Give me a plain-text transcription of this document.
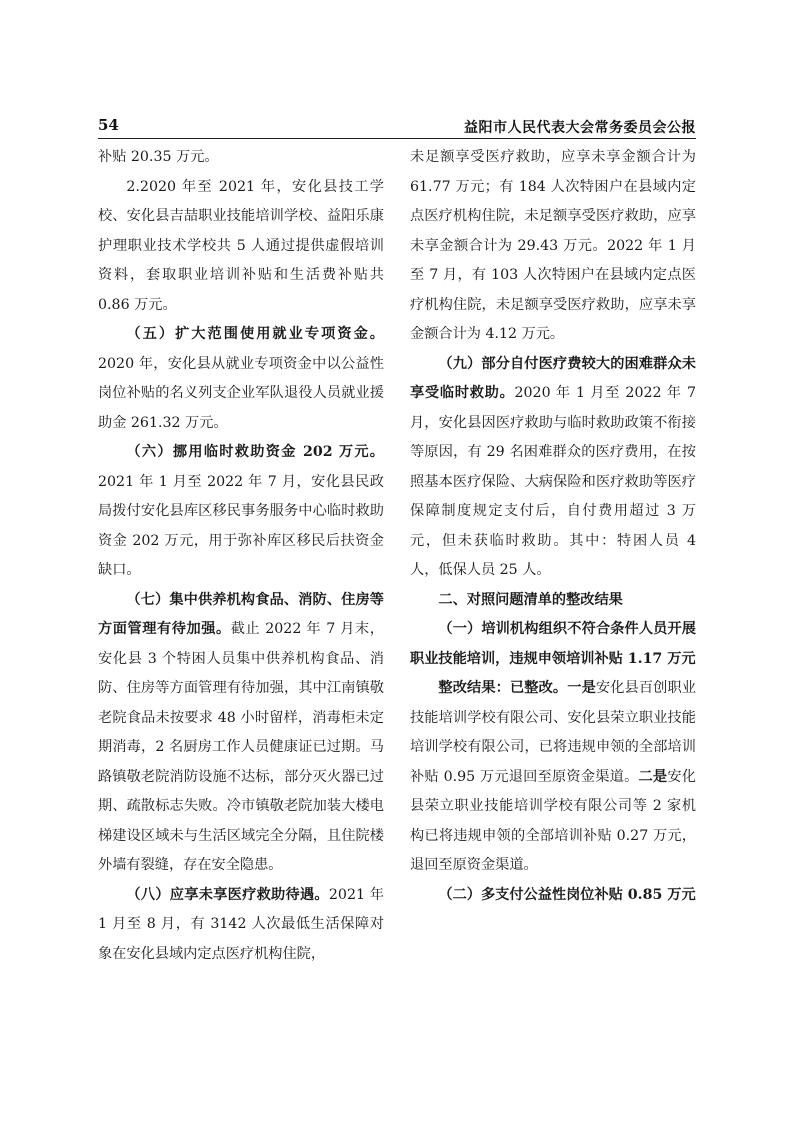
54	益阳市人民代表大会常务委员会公报

补贴 20.35 万元。

2.2020 年至 2021 年，安化县技工学校、安化县吉喆职业技能培训学校、益阳乐康护理职业技术学校共 5 人通过提供虚假培训资料，套取职业培训补贴和生活费补贴共 0.86 万元。

（五）扩大范围使用就业专项资金。2020 年，安化县从就业专项资金中以公益性岗位补贴的名义列支企业军队退役人员就业援助金 261.32 万元。

（六）挪用临时救助资金 202 万元。2021 年 1 月至 2022 年 7 月，安化县民政局拨付安化县库区移民事务服务中心临时救助资金 202 万元，用于弥补库区移民后扶资金缺口。

（七）集中供养机构食品、消防、住房等方面管理有待加强。截止 2022 年 7 月末，安化县 3 个特困人员集中供养机构食品、消防、住房等方面管理有待加强，其中江南镇敬老院食品未按要求 48 小时留样，消毒柜未定期消毒，2 名厨房工作人员健康证已过期。马路镇敬老院消防设施不达标，部分灭火器已过期、疏散标志失败。冷市镇敬老院加装大楼电梯建设区域未与生活区域完全分隔，且住院楼外墙有裂缝，存在安全隐患。

（八）应享未享医疗救助待遇。2021 年 1 月至 8 月，有 3142 人次最低生活保障对象在安化县域内定点医疗机构住院，

未足额享受医疗救助，应享未享金额合计为 61.77 万元；有 184 人次特困户在县域内定点医疗机构住院，未足额享受医疗救助，应享未享金额合计为 29.43 万元。2022 年 1 月至 7 月，有 103 人次特困户在县域内定点医疗机构住院，未足额享受医疗救助，应享未享金额合计为 4.12 万元。

（九）部分自付医疗费较大的困难群众未享受临时救助。2020 年 1 月至 2022 年 7 月，安化县因医疗救助与临时救助政策不衔接等原因，有 29 名困难群众的医疗费用，在按照基本医疗保险、大病保险和医疗救助等医疗保障制度规定支付后，自付费用超过 3 万元，但未获临时救助。其中：特困人员 4 人，低保人员 25 人。

二、对照问题清单的整改结果

（一）培训机构组织不符合条件人员开展职业技能培训，违规申领培训补贴 1.17 万元

整改结果：已整改。一是安化县百创职业技能培训学校有限公司、安化县荣立职业技能培训学校有限公司，已将违规申领的全部培训补贴 0.95 万元退回至原资金渠道。二是安化县荣立职业技能培训学校有限公司等 2 家机构已将违规申领的全部培训补贴 0.27 万元，退回至原资金渠道。

（二）多支付公益性岗位补贴 0.85 万元
